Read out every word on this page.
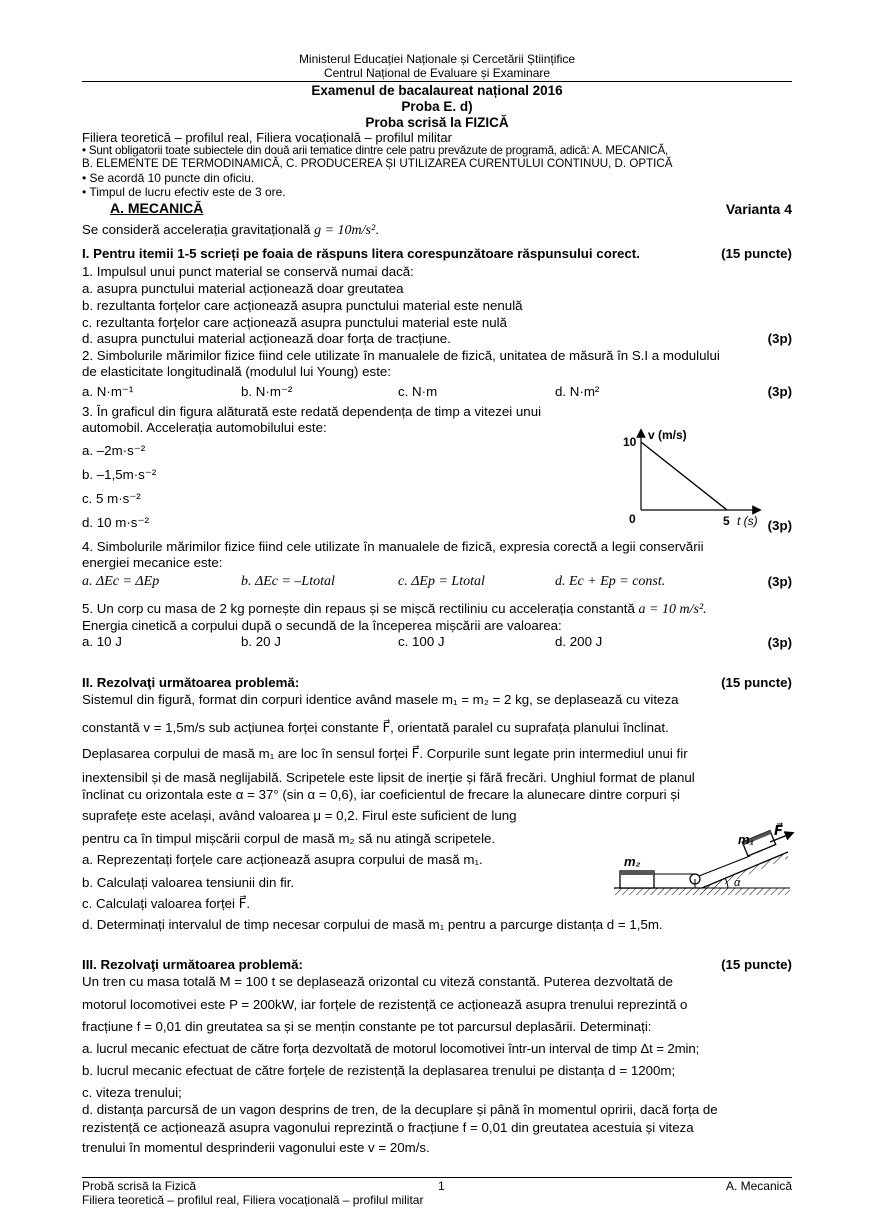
Ministerul Educației Naționale și Cercetării Științifice
Centrul Național de Evaluare și Examinare
Examenul de bacalaureat național 2016
Proba E. d)
Proba scrisă la FIZICĂ
Filiera teoretică – profilul real, Filiera vocațională – profilul militar
• Sunt obligatorii toate subiectele din două arii tematice dintre cele patru prevăzute de programă, adică: A. MECANICĂ,
B. ELEMENTE DE TERMODINAMICĂ, C. PRODUCEREA ȘI UTILIZAREA CURENTULUI CONTINUU, D. OPTICĂ
• Se acordă 10 puncte din oficiu.
• Timpul de lucru efectiv este de 3 ore.
A. MECANICĂ	Varianta 4
Se consideră accelerația gravitațională g = 10m/s².
I. Pentru itemii 1-5 scrieți pe foaia de răspuns litera corespunzătoare răspunsului corect.	(15 puncte)
1. Impulsul unui punct material se conservă numai dacă:
a. asupra punctului material acționează doar greutatea
b. rezultanta forțelor care acționează asupra punctului material este nenulă
c. rezultanta forțelor care acționează asupra punctului material este nulă
d. asupra punctului material acționează doar forța de tracțiune.	(3p)
2. Simbolurile mărimilor fizice fiind cele utilizate în manualele de fizică, unitatea de măsură în S.I a modulului
de elasticitate longitudinală (modulul lui Young) este:
a. N·m⁻¹	b. N·m⁻²	c. N·m	d. N·m²	(3p)
3. În graficul din figura alăturată este redată dependența de timp a vitezei unui
automobil. Accelerația automobilului este:
a. –2m·s⁻²
b. –1,5m·s⁻²
c. 5 m·s⁻²
d. 10 m·s⁻²	(3p)
v (m/s)
10
0	5 t (s)
4. Simbolurile mărimilor fizice fiind cele utilizate în manualele de fizică, expresia corectă a legii conservării
energiei mecanice este:
a. ΔEc = ΔEp	b. ΔEc = –Ltotal	c. ΔEp = Ltotal	d. Ec + Ep = const.	(3p)
5. Un corp cu masa de 2 kg pornește din repaus și se mișcă rectiliniu cu accelerația constantă a = 10 m/s².
Energia cinetică a corpului după o secundă de la începerea mișcării are valoarea:
a. 10 J	b. 20 J	c. 100 J	d. 200 J	(3p)
II. Rezolvaţi următoarea problemă:	(15 puncte)
Sistemul din figură, format din corpuri identice având masele m₁ = m₂ = 2 kg, se deplasează cu viteza
constantă v = 1,5m/s sub acțiunea forței constante F⃗, orientată paralel cu suprafața planului înclinat.
Deplasarea corpului de masă m₁ are loc în sensul forței F⃗. Corpurile sunt legate prin intermediul unui fir
inextensibil și de masă neglijabilă. Scripetele este lipsit de inerție și fără frecări. Unghiul format de planul
înclinat cu orizontala este α = 37° (sin α = 0,6), iar coeficientul de frecare la alunecare dintre corpuri și
suprafețe este același, având valoarea μ = 0,2. Firul este suficient de lung
pentru ca în timpul mișcării corpul de masă m₂ să nu atingă scripetele.
a. Reprezentați forțele care acționează asupra corpului de masă m₁.
b. Calculați valoarea tensiunii din fir.
c. Calculați valoarea forței F⃗.
d. Determinați intervalul de timp necesar corpului de masă m₁ pentru a parcurge distanța d = 1,5m.
m₂
m₁
F⃗
α
III. Rezolvaţi următoarea problemă:	(15 puncte)
Un tren cu masa totală M = 100 t se deplasează orizontal cu viteză constantă. Puterea dezvoltată de
motorul locomotivei este P = 200kW, iar forțele de rezistență ce acționează asupra trenului reprezintă o
fracțiune f = 0,01 din greutatea sa și se mențin constante pe tot parcursul deplasării. Determinați:
a. lucrul mecanic efectuat de către forța dezvoltată de motorul locomotivei într-un interval de timp Δt = 2min;
b. lucrul mecanic efectuat de către forțele de rezistență la deplasarea trenului pe distanța d = 1200m;
c. viteza trenului;
d. distanța parcursă de un vagon desprins de tren, de la decuplare și până în momentul opririi, dacă forța de
rezistență ce acționează asupra vagonului reprezintă o fracțiune f = 0,01 din greutatea acestuia și viteza
trenului în momentul desprinderii vagonului este v = 20m/s.
Probă scrisă la Fizică	1	A. Mecanică
Filiera teoretică – profilul real, Filiera vocațională – profilul militar
